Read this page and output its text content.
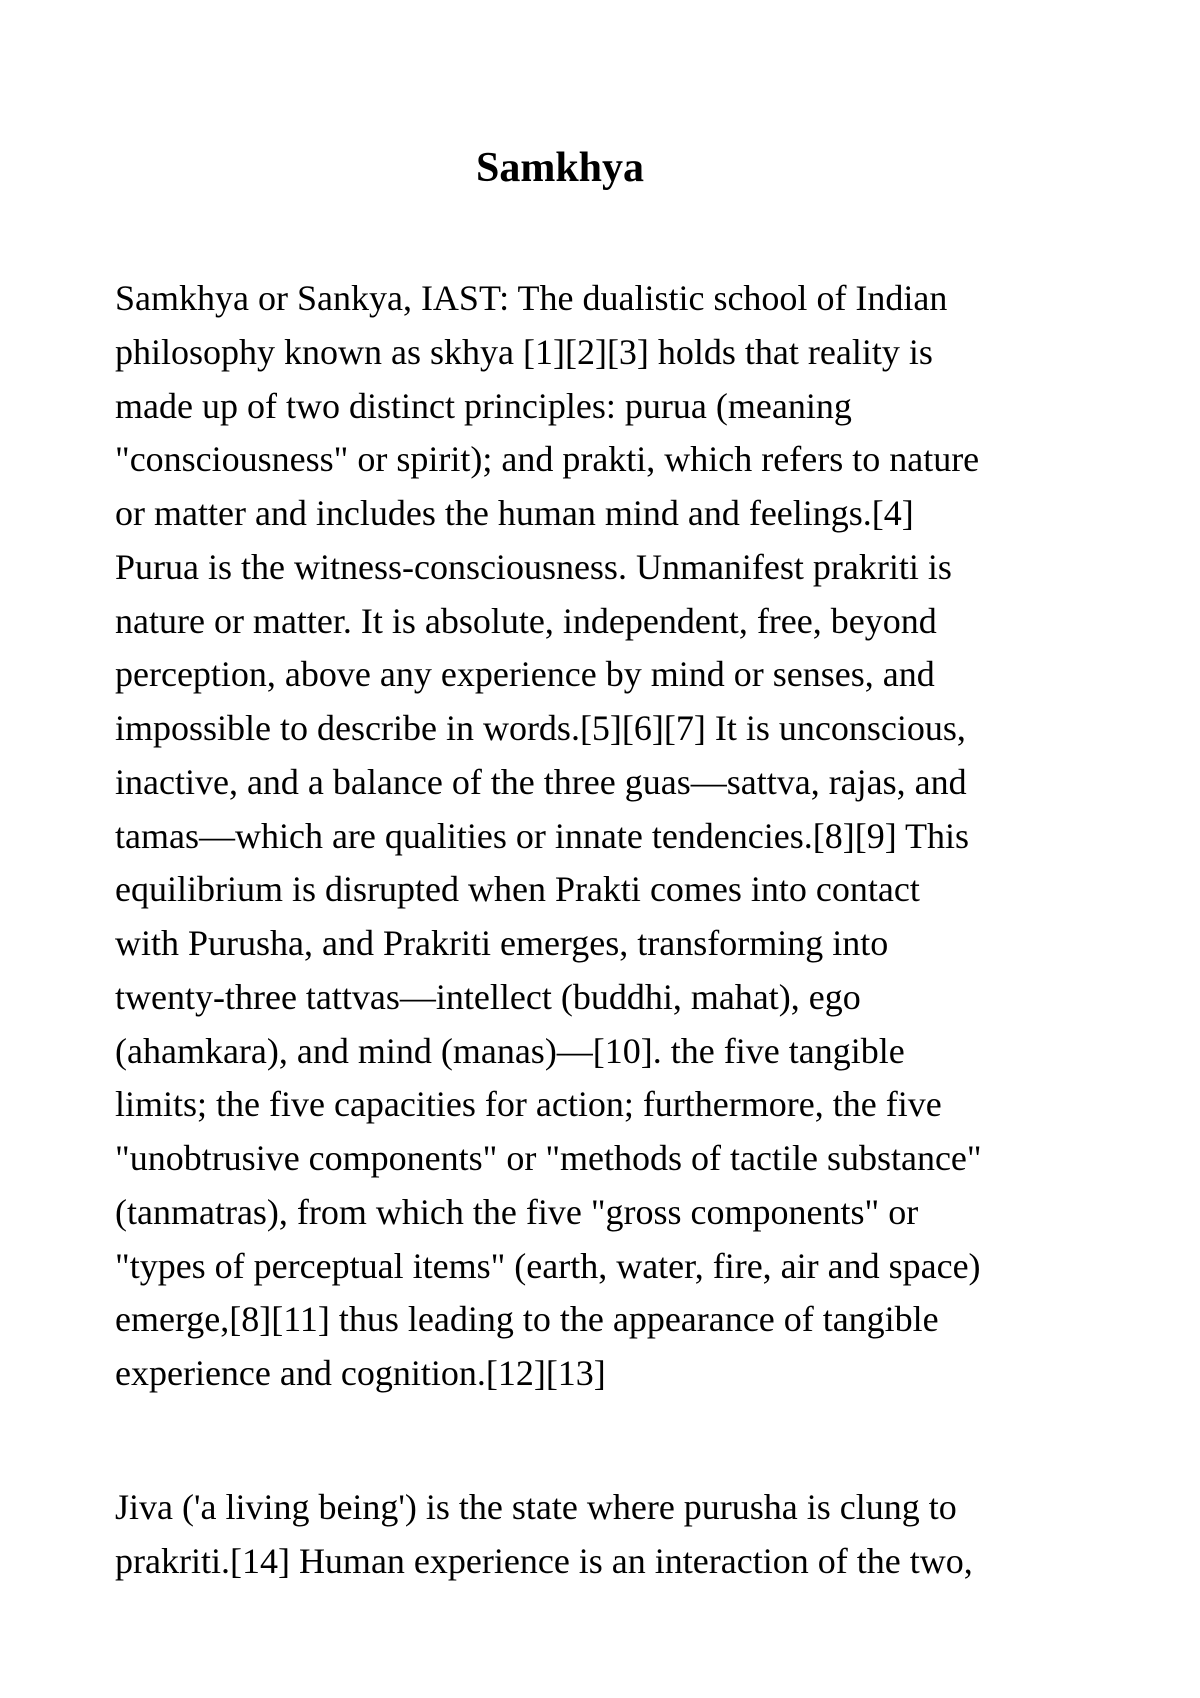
Samkhya

Samkhya or Sankya, IAST: The dualistic school of Indian
philosophy known as skhya [1][2][3] holds that reality is
made up of two distinct principles: purua (meaning
"consciousness" or spirit); and prakti, which refers to nature
or matter and includes the human mind and feelings.[4]
Purua is the witness-consciousness. Unmanifest prakriti is
nature or matter. It is absolute, independent, free, beyond
perception, above any experience by mind or senses, and
impossible to describe in words.[5][6][7] It is unconscious,
inactive, and a balance of the three guas—sattva, rajas, and
tamas—which are qualities or innate tendencies.[8][9] This
equilibrium is disrupted when Prakti comes into contact
with Purusha, and Prakriti emerges, transforming into
twenty-three tattvas—intellect (buddhi, mahat), ego
(ahamkara), and mind (manas)—[10]. the five tangible
limits; the five capacities for action; furthermore, the five
"unobtrusive components" or "methods of tactile substance"
(tanmatras), from which the five "gross components" or
"types of perceptual items" (earth, water, fire, air and space)
emerge,[8][11] thus leading to the appearance of tangible
experience and cognition.[12][13]

Jiva ('a living being') is the state where purusha is clung to
prakriti.[14] Human experience is an interaction of the two,
